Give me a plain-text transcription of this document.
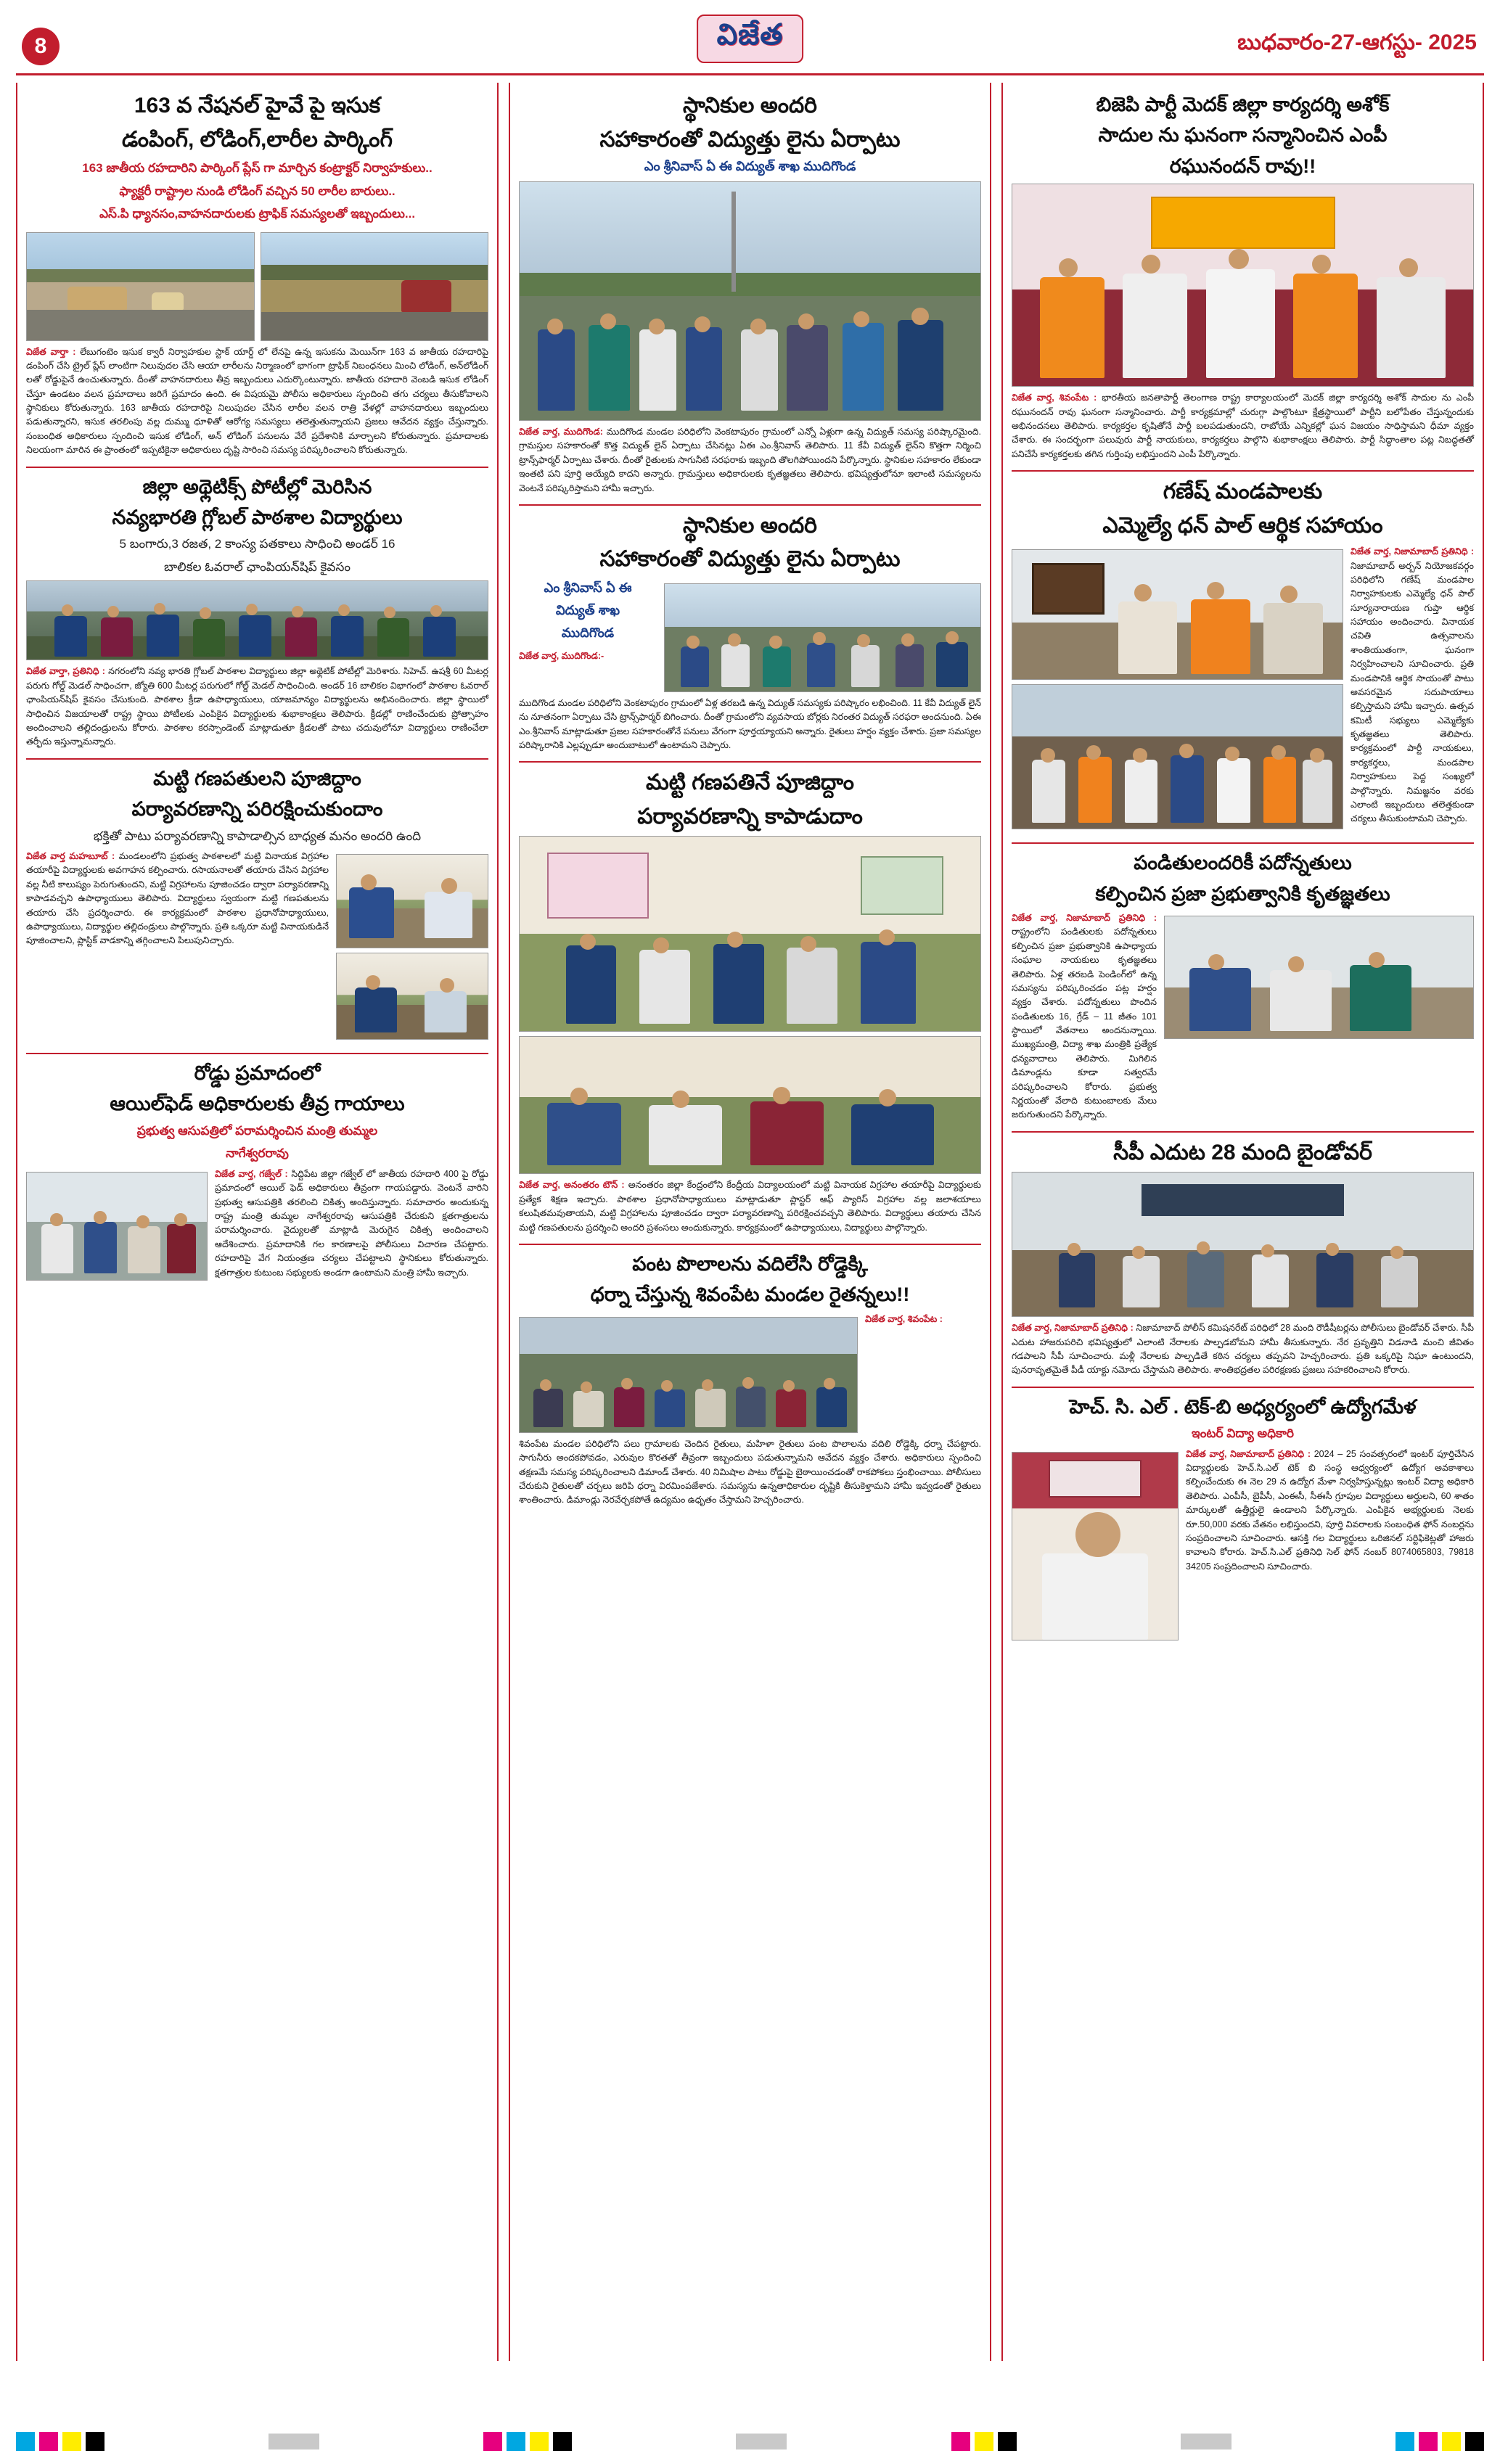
8	విజేత	బుధవారం-27-ఆగస్టు- 2025
163 వ నేషనల్ హైవే పై ఇసుక
డంపింగ్, లోడింగ్,లారీల పార్కింగ్
163 జాతీయ రహదారిని పార్కింగ్ ప్లేస్ గా మార్చిన కంట్రాక్టర్ నిర్వాహకులు..
ఫ్యాక్టరీ రాష్ట్రాల నుండి లోడింగ్ వచ్చిన 50 లారీల బారులు..
ఎస్.పి ధ్యానసం,వాహనదారులకు ట్రాఫిక్ సమస్యలతో ఇబ్బందులు...
విజేత వార్తా : లేబుగంటెం ఇసుక క్వారీ నిర్వాహకుల స్టాక్ యార్డ్ లో లేనపై ఉన్న ఇసుకను మెయిన్‌గా 163 వ జాతీయ రహదారిపై డంపింగ్ చేసి ట్రైల్ ప్లేస్ లాంటిగా నిలువుదల చేసి ఆయా లారీలను నిర్మాణంలో భాగంగా ట్రాఫిక్ నిబంధనలు మించి లోడింగ్, అన్‌లోడింగ్ లతో రోడ్డుపైనే ఉంచుతున్నారు. దీంతో వాహనదారులు తీవ్ర ఇబ్బందులు ఎదుర్కొంటున్నారు. జాతీయ రహదారి వెంబడి ఇసుక లోడింగ్ చేస్తూ ఉండటం వలన ప్రమాదాలు జరిగే ప్రమాదం ఉంది. ఈ విషయమై పోలీసు అధికారులు స్పందించి తగు చర్యలు తీసుకోవాలని స్థానికులు కోరుతున్నారు. 163 జాతీయ రహదారిపై నిలుపుదల చేసిన లారీల వలన రాత్రి వేళల్లో వాహనదారులు ఇబ్బందులు పడుతున్నారని, ఇసుక తరలింపు వల్ల దుమ్ము ధూళితో ఆరోగ్య సమస్యలు తలెత్తుతున్నాయని ప్రజలు ఆవేదన వ్యక్తం చేస్తున్నారు. సంబంధిత అధికారులు స్పందించి ఇసుక లోడింగ్, అన్ లోడింగ్ పనులను వేరే ప్రదేశానికి మార్చాలని కోరుతున్నారు. ప్రమాదాలకు నిలయంగా మారిన ఈ ప్రాంతంలో ఇప్పటికైనా అధికారులు దృష్టి సారించి సమస్య పరిష్కరించాలని కోరుతున్నారు.
జిల్లా అథ్లెటిక్స్ పోటీల్లో మెరిసిన
నవ్యభారతి గ్లోబల్ పాఠశాల విద్యార్థులు
5 బంగారు,3 రజత, 2 కాంస్య పతకాలు సాధించి అండర్ 16
బాలికల ఓవరాల్ ఛాంపియన్‌షిప్ కైవసం
విజేత వార్తా, ప్రతినిధి : నగరంలోని నవ్య భారతి గ్లోబల్ పాఠశాల విద్యార్థులు జిల్లా అథ్లెటిక్ పోటీల్లో మెరిశారు. సిహెచ్. ఉషశ్రీ 60 మీటర్ల పరుగు గోల్డ్ మెడల్ సాధించగా, జ్యోతి 600 మీటర్ల పరుగులో గోల్డ్ మెడల్ సాధించింది. అండర్ 16 బాలికల విభాగంలో పాఠశాల ఓవరాల్ ఛాంపియన్‌షిప్ కైవసం చేసుకుంది. పాఠశాల క్రీడా ఉపాధ్యాయులు, యాజమాన్యం విద్యార్థులను అభినందించారు. జిల్లా స్థాయిలో సాధించిన విజయాలతో రాష్ట్ర స్థాయి పోటీలకు ఎంపికైన విద్యార్థులకు శుభాకాంక్షలు తెలిపారు. క్రీడల్లో రాణించేందుకు ప్రోత్సాహం అందించాలని తల్లిదండ్రులను కోరారు. పాఠశాల కరస్పాండెంట్ మాట్లాడుతూ క్రీడలతో పాటు చదువులోనూ విద్యార్థులు రాణించేలా తర్ఫీదు ఇస్తున్నామన్నారు.
మట్టి గణపతులని పూజిద్దాం
పర్యావరణాన్ని పరిరక్షించుకుందాం
భక్తితో పాటు పర్యావరణాన్ని కాపాడాల్సిన బాధ్యత మనం అందరి ఉంది
విజేత వార్త మహబూబ్ : మండలంలోని ప్రభుత్వ పాఠశాలలో మట్టి వినాయక విగ్రహాల తయారీపై విద్యార్థులకు అవగాహన కల్పించారు. రసాయనాలతో తయారు చేసిన విగ్రహాల వల్ల నీటి కాలుష్యం పెరుగుతుందని, మట్టి విగ్రహాలను పూజించడం ద్వారా పర్యావరణాన్ని కాపాడవచ్చని ఉపాధ్యాయులు తెలిపారు. విద్యార్థులు స్వయంగా మట్టి గణపతులను తయారు చేసి ప్రదర్శించారు. ఈ కార్యక్రమంలో పాఠశాల ప్రధానోపాధ్యాయులు, ఉపాధ్యాయులు, విద్యార్థుల తల్లిదండ్రులు పాల్గొన్నారు. ప్రతి ఒక్కరూ మట్టి వినాయకుడినే పూజించాలని, ప్లాస్టిక్ వాడకాన్ని తగ్గించాలని పిలుపునిచ్చారు.
రోడ్డు ప్రమాదంలో
ఆయిల్‌ఫెడ్ అధికారులకు తీవ్ర గాయాలు
ప్రభుత్వ ఆసుపత్రిలో పరామర్శించిన మంత్రి తుమ్మల
నాగేశ్వరరావు
విజేత వార్త, గజ్వేల్ : సిద్దిపేట జిల్లా గజ్వేల్ లో జాతీయ రహదారి 400 పై రోడ్డు ప్రమాదంలో ఆయిల్ ఫెడ్ అధికారులు తీవ్రంగా గాయపడ్డారు. వెంటనే వారిని ప్రభుత్వ ఆసుపత్రికి తరలించి చికిత్స అందిస్తున్నారు. సమాచారం అందుకున్న రాష్ట్ర మంత్రి తుమ్మల నాగేశ్వరరావు ఆసుపత్రికి చేరుకుని క్షతగాత్రులను పరామర్శించారు. వైద్యులతో మాట్లాడి మెరుగైన చికిత్స అందించాలని ఆదేశించారు. ప్రమాదానికి గల కారణాలపై పోలీసులు విచారణ చేపట్టారు. రహదారిపై వేగ నియంత్రణ చర్యలు చేపట్టాలని స్థానికులు కోరుతున్నారు. క్షతగాత్రుల కుటుంబ సభ్యులకు అండగా ఉంటామని మంత్రి హామీ ఇచ్చారు.
స్థానికుల అందరి
సహాకారంతో విద్యుత్తు లైను ఏర్పాటు
ఎం శ్రీనివాస్ ఏ ఈ విద్యుత్ శాఖ ముదిగొండ
విజేత వార్త, ముదిగొండ: ముదిగొండ మండల పరిధిలోని వెంకటాపురం గ్రామంలో ఎన్నో ఏళ్లుగా ఉన్న విద్యుత్ సమస్య పరిష్కారమైంది. గ్రామస్తుల సహకారంతో కొత్త విద్యుత్ లైన్ ఏర్పాటు చేసినట్లు ఏఈ ఎం.శ్రీనివాస్ తెలిపారు. 11 కేవీ విద్యుత్ లైన్‌ని కొత్తగా నిర్మించి ట్రాన్స్‌ఫార్మర్ ఏర్పాటు చేశారు. దీంతో రైతులకు సాగునీటి సరఫరాకు ఇబ్బంది తొలగిపోయిందని పేర్కొన్నారు. స్థానికుల సహకారం లేకుండా ఇంతటి పని పూర్తి అయ్యేది కాదని అన్నారు. గ్రామస్తులు అధికారులకు కృతజ్ఞతలు తెలిపారు. భవిష్యత్తులోనూ ఇలాంటి సమస్యలను వెంటనే పరిష్కరిస్తామని హామీ ఇచ్చారు.
స్థానికుల అందరి
సహాకారంతో విద్యుత్తు లైను ఏర్పాటు
ఎం శ్రీనివాస్ ఏ ఈ
విద్యుత్ శాఖ
ముదిగొండ
విజేత వార్త, ముదిగొండ:-
ముదిగొండ మండల పరిధిలోని వెంకటాపురం గ్రామంలో ఏళ్ల తరబడి ఉన్న విద్యుత్ సమస్యకు పరిష్కారం లభించింది. 11 కేవీ విద్యుత్ లైన్ ను నూతనంగా ఏర్పాటు చేసి ట్రాన్స్‌ఫార్మర్ బిగించారు. దీంతో గ్రామంలోని వ్యవసాయ బోర్లకు నిరంతర విద్యుత్ సరఫరా అందనుంది. ఏఈ ఎం.శ్రీనివాస్ మాట్లాడుతూ ప్రజల సహకారంతోనే పనులు వేగంగా పూర్తయ్యాయని అన్నారు. రైతులు హర్షం వ్యక్తం చేశారు. ప్రజా సమస్యల పరిష్కారానికి ఎల్లప్పుడూ అందుబాటులో ఉంటామని చెప్పారు.
మట్టి గణపతినే పూజిద్దాం
పర్యావరణాన్ని కాపాడుదాం
విజేత వార్త, అనంతరం టౌన్ : అనంతరం జిల్లా కేంద్రంలోని కేంద్రీయ విద్యాలయంలో మట్టి వినాయక విగ్రహాల తయారీపై విద్యార్థులకు ప్రత్యేక శిక్షణ ఇచ్చారు. పాఠశాల ప్రధానోపాధ్యాయులు మాట్లాడుతూ ప్లాస్టర్ ఆఫ్ ప్యారిస్ విగ్రహాల వల్ల జలాశయాలు కలుషితమవుతాయని, మట్టి విగ్రహాలను పూజించడం ద్వారా పర్యావరణాన్ని పరిరక్షించవచ్చని తెలిపారు. విద్యార్థులు తయారు చేసిన మట్టి గణపతులను ప్రదర్శించి అందరి ప్రశంసలు అందుకున్నారు. కార్యక్రమంలో ఉపాధ్యాయులు, విద్యార్థులు పాల్గొన్నారు.
పంట పొలాలను వదిలేసి రోడ్డెక్కి
ధర్నా చేస్తున్న శివంపేట మండల రైతన్నలు!!
విజేత వార్త, శివంపేట :
శివంపేట మండల పరిధిలోని పలు గ్రామాలకు చెందిన రైతులు, మహిళా రైతులు పంట పొలాలను వదిలి రోడ్డెక్కి ధర్నా చేపట్టారు. సాగునీరు అందకపోవడం, ఎరువుల కొరతతో తీవ్రంగా ఇబ్బందులు పడుతున్నామని ఆవేదన వ్యక్తం చేశారు. అధికారులు స్పందించి తక్షణమే సమస్య పరిష్కరించాలని డిమాండ్ చేశారు. 40 నిమిషాల పాటు రోడ్డుపై బైఠాయించడంతో రాకపోకలు స్తంభించాయి. పోలీసులు చేరుకుని రైతులతో చర్చలు జరిపి ధర్నా విరమింపజేశారు. సమస్యను ఉన్నతాధికారుల దృష్టికి తీసుకెళ్తామని హామీ ఇవ్వడంతో రైతులు శాంతించారు. డిమాండ్లు నెరవేర్చకపోతే ఉద్యమం ఉధృతం చేస్తామని హెచ్చరించారు.
బిజెపి పార్టీ మెదక్ జిల్లా కార్యదర్శి అశోక్
సాదుల ను ఘనంగా సన్మానించిన ఎంపీ
రఘునందన్ రావు!!
విజేత వార్త, శివంపేట : భారతీయ జనతాపార్టీ తెలంగాణ రాష్ట్ర కార్యాలయంలో మెదక్ జిల్లా కార్యదర్శి అశోక్ సాదుల ను ఎంపీ రఘునందన్ రావు ఘనంగా సన్మానించారు. పార్టీ కార్యక్రమాల్లో చురుగ్గా పాల్గొంటూ క్షేత్రస్థాయిలో పార్టీని బలోపేతం చేస్తున్నందుకు అభినందనలు తెలిపారు. కార్యకర్తల కృషితోనే పార్టీ బలపడుతుందని, రాబోయే ఎన్నికల్లో ఘన విజయం సాధిస్తామని ధీమా వ్యక్తం చేశారు. ఈ సందర్భంగా పలువురు పార్టీ నాయకులు, కార్యకర్తలు పాల్గొని శుభాకాంక్షలు తెలిపారు. పార్టీ సిద్ధాంతాల పట్ల నిబద్ధతతో పనిచేసే కార్యకర్తలకు తగిన గుర్తింపు లభిస్తుందని ఎంపీ పేర్కొన్నారు.
గణేష్ మండపాలకు
ఎమ్మెల్యే ధన్ పాల్ ఆర్థిక సహాయం
విజేత వార్త, నిజామాబాద్ ప్రతినిధి : నిజామాబాద్ అర్బన్ నియోజకవర్గం పరిధిలోని గణేష్ మండపాల నిర్వాహకులకు ఎమ్మెల్యే ధన్ పాల్ సూర్యనారాయణ గుప్తా ఆర్థిక సహాయం అందించారు. వినాయక చవితి ఉత్సవాలను శాంతియుతంగా, ఘనంగా నిర్వహించాలని సూచించారు. ప్రతి మండపానికి ఆర్థిక సాయంతో పాటు అవసరమైన సదుపాయాలు కల్పిస్తామని హామీ ఇచ్చారు. ఉత్సవ కమిటీ సభ్యులు ఎమ్మెల్యేకు కృతజ్ఞతలు తెలిపారు. కార్యక్రమంలో పార్టీ నాయకులు, కార్యకర్తలు, మండపాల నిర్వాహకులు పెద్ద సంఖ్యలో పాల్గొన్నారు. నిమజ్జనం వరకు ఎలాంటి ఇబ్బందులు తలెత్తకుండా చర్యలు తీసుకుంటామని చెప్పారు.
పండితులందరికీ పదోన్నతులు
కల్పించిన ప్రజా ప్రభుత్వానికి కృతజ్ఞతలు
విజేత వార్త, నిజామాబాద్ ప్రతినిధి : రాష్ట్రంలోని పండితులకు పదోన్నతులు కల్పించిన ప్రజా ప్రభుత్వానికి ఉపాధ్యాయ సంఘాల నాయకులు కృతజ్ఞతలు తెలిపారు. ఏళ్ల తరబడి పెండింగ్‌లో ఉన్న సమస్యను పరిష్కరించడం పట్ల హర్షం వ్యక్తం చేశారు. పదోన్నతులు పొందిన పండితులకు 16, గ్రేడ్ – 11 జీతం 101 స్థాయిలో వేతనాలు అందనున్నాయి. ముఖ్యమంత్రి, విద్యా శాఖ మంత్రికి ప్రత్యేక ధన్యవాదాలు తెలిపారు. మిగిలిన డిమాండ్లను కూడా సత్వరమే పరిష్కరించాలని కోరారు. ప్రభుత్వ నిర్ణయంతో వేలాది కుటుంబాలకు మేలు జరుగుతుందని పేర్కొన్నారు.
సీపీ ఎదుట 28 మంది బైండోవర్
విజేత వార్త, నిజామాబాద్ ప్రతినిధి : నిజామాబాద్ పోలీస్ కమిషనరేట్ పరిధిలో 28 మంది రౌడీషీటర్లను పోలీసులు బైండోవర్ చేశారు. సీపీ ఎదుట హాజరుపరిచి భవిష్యత్తులో ఎలాంటి నేరాలకు పాల్పడబోమని హామీ తీసుకున్నారు. నేర ప్రవృత్తిని విడనాడి మంచి జీవితం గడపాలని సీపీ సూచించారు. మళ్లీ నేరాలకు పాల్పడితే కఠిన చర్యలు తప్పవని హెచ్చరించారు. ప్రతి ఒక్కరిపై నిఘా ఉంటుందని, పునరావృతమైతే పీడీ యాక్టు నమోదు చేస్తామని తెలిపారు. శాంతిభద్రతల పరిరక్షణకు ప్రజలు సహకరించాలని కోరారు.
హెచ్. సి. ఎల్ . టెక్-బి అధ్యర్యంలో ఉద్యోగమేళ
ఇంటర్ విద్యా అధికారి
విజేత వార్త, నిజామాబాద్ ప్రతినిధి : 2024 – 25 సంవత్సరంలో ఇంటర్ పూర్తిచేసిన విద్యార్థులకు హెచ్.సి.ఎల్ టెక్ బి సంస్థ ఆధ్వర్యంలో ఉద్యోగ అవకాశాలు కల్పించేందుకు ఈ నెల 29 న ఉద్యోగ మేళా నిర్వహిస్తున్నట్లు ఇంటర్ విద్యా అధికారి తెలిపారు. ఎంపీసీ, బైపీసీ, ఎంఈసీ, సీఈసీ గ్రూపుల విద్యార్థులు అర్హులని, 60 శాతం మార్కులతో ఉత్తీర్ణులై ఉండాలని పేర్కొన్నారు. ఎంపికైన అభ్యర్థులకు నెలకు రూ.50,000 వరకు వేతనం లభిస్తుందని, పూర్తి వివరాలకు సంబంధిత ఫోన్ నంబర్లను సంప్రదించాలని సూచించారు. ఆసక్తి గల విద్యార్థులు ఒరిజినల్ సర్టిఫికెట్లతో హాజరు కావాలని కోరారు. హెచ్.సి.ఎల్ ప్రతినిధి సెల్ ఫోన్ నంబర్ 8074065803, 79818 34205 సంప్రదించాలని సూచించారు.
